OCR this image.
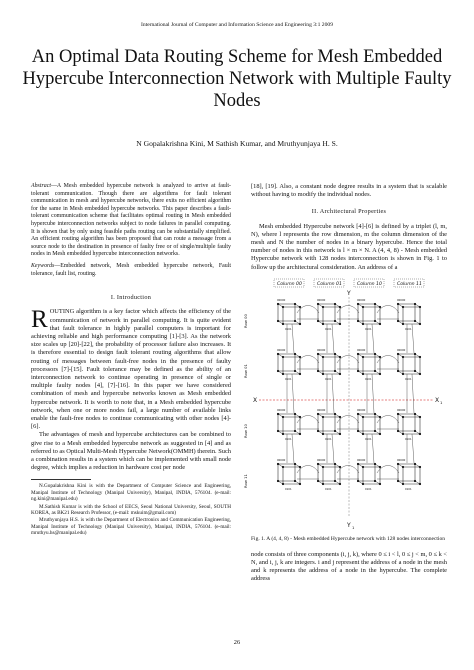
International Journal of Computer and Information Science and Engineering 3:1 2009
An Optimal Data Routing Scheme for Mesh Embedded Hypercube Interconnection Network with Multiple Faulty Nodes
N Gopalakrishna Kini, M Sathish Kumar, and Mruthyunjaya H. S.

Abstract—A Mesh embedded hypercube network is analyzed to arrive at fault-tolerant communication. Though there are algorithms for fault tolerant communication in mesh and hypercube networks, there exits no efficient algorithm for the same in Mesh embedded hypercube networks. This paper describes a fault-tolerant communication scheme that facilitates optimal routing in Mesh embedded hypercube interconnection networks subject to node failures in parallel computing. It is shown that by only using feasible paths routing can be substantially simplified. An efficient routing algorithm has been proposed that can route a message from a source node to the destination in presence of faulty free or of single/multiple faulty nodes in Mesh embedded hypercube interconnection networks.

Keywords—Embedded network, Mesh embedded hypercube network, Fault tolerance, fault list, routing.

I. Introduction

ROUTING algorithm is a key factor which affects the efficiency of the communication of network in parallel computing. It is quite evident that fault tolerance in highly parallel computers is important for achieving reliable and high performance computing [1]-[3]. As the network size scales up [20]-[22], the probability of processor failure also increases. It is therefore essential to design fault tolerant routing algorithms that allow routing of messages between fault-free nodes in the presence of faulty processors [7]-[15]. Fault tolerance may be defined as the ability of an interconnection network to continue operating in presence of single or multiple faulty nodes [4], [7]-[16]. In this paper we have considered combination of mesh and hypercube networks known as Mesh embedded hypercube network. It is worth to note that, in a Mesh embedded hypercube network, when one or more nodes fail, a large number of available links enable the fault-free nodes to continue communicating with other nodes [4]-[6].

The advantages of mesh and hypercube architectures can be combined to give rise to a Mesh embedded hypercube network as suggested in [4] and as referred to as Optical Multi-Mesh Hypercube Network(OMMH) therein. Such a combination results in a system which can be implemented with small node degree, which implies a reduction in hardware cost per node

N.Gopalakrishna Kini is with the Department of Computer Science and Engineering, Manipal Institute of Technology (Manipal University), Manipal, INDIA, 576104. (e-mail: ng.kini@manipal.edu)

M.Sathish Kumar is with the School of EECS, Seoul National University, Seoul, SOUTH KOREA, as BK21 Research Professor, (e-mail: mskuim@gmail.com)

Mruthyunjaya H.S. is with the Department of Electronics and Communication Engineering, Manipal Institute of Technology (Manipal University), Manipal, INDIA, 576104. (e-mail: mruthyu.hs@manipal.edu)

[18], [19]. Also, a constant node degree results in a system that is scalable without having to modify the individual nodes.

II. Architectural Properties

Mesh embedded Hypercube network [4]-[6] is defined by a triplet (l, m, N), where l represents the row dimension, m the column dimension of the mesh and N the number of nodes in a binary hypercube. Hence the total number of nodes in this network is l × m × N. A (4, 4, 8) - Mesh embedded Hypercube network with 128 nodes interconnection is shown in Fig. 1 to follow up the architectural consideration. An address of a

Column 00	Column 01	Column 10	Column 11
Y
Y 1
X	X 1
Row 00
Row 01
Row 10
Row 11
00000
0101
00000
0101
00000
0101
00000
0101
00000
0101
00000
0101
00000
0101
00000
0101
00000
0101
00000
0101
00000
0101
00000
0101
00000
0101
00000
0101
00000
0101
00000
0101

Fig. 1. A (4, 4, 8) - Mesh embedded Hypercube network with 128 nodes interconnection

node consists of three components (i, j, k), where 0 ≤ i < l, 0 ≤ j < m, 0 ≤ k < N, and i, j, k are integers. i and j represent the address of a node in the mesh and k represents the address of a node in the hypercube. The complete address

26
